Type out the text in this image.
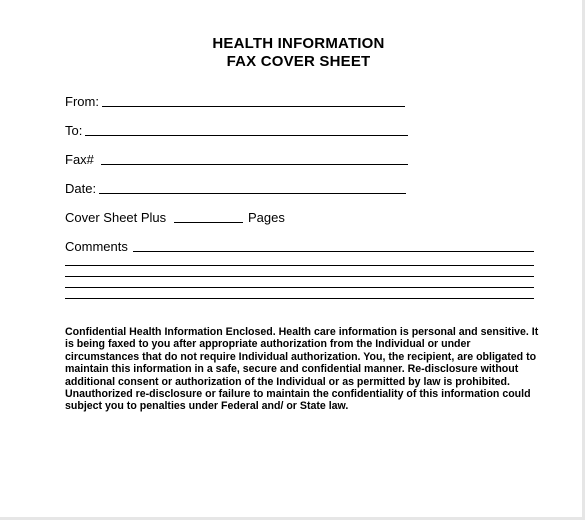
HEALTH INFORMATION
FAX COVER SHEET
From:
To:
Fax#
Date:
Cover Sheet Plus	Pages
Comments

Confidential Health Information Enclosed. Health care information is personal and sensitive. It is being faxed to you after appropriate authorization from the Individual or under circumstances that do not require Individual authorization. You, the recipient, are obligated to maintain this information in a safe, secure and confidential manner. Re-disclosure without additional consent or authorization of the Individual or as permitted by law is prohibited. Unauthorized re-disclosure or failure to maintain the confidentiality of this information could subject you to penalties under Federal and/ or State law.
